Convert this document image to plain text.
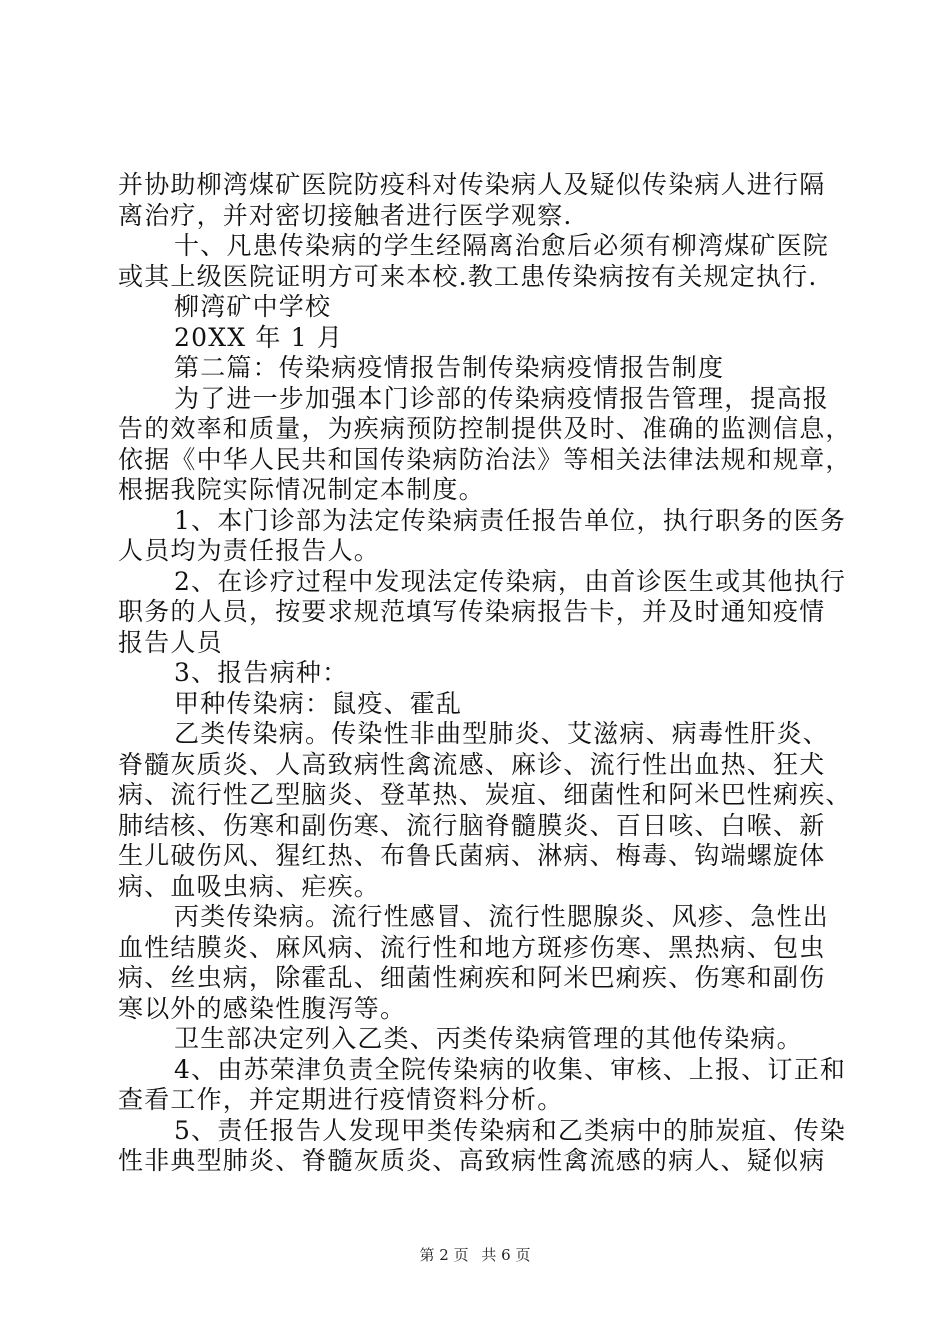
并协助柳湾煤矿医院防疫科对传染病人及疑似传染病人进行隔
离治疗，并对密切接触者进行医学观察.
十、凡患传染病的学生经隔离治愈后必须有柳湾煤矿医院
或其上级医院证明方可来本校.教工患传染病按有关规定执行.
柳湾矿中学校
20XX 年 1 月
第二篇：传染病疫情报告制传染病疫情报告制度
为了进一步加强本门诊部的传染病疫情报告管理，提高报
告的效率和质量，为疾病预防控制提供及时、准确的监测信息，
依据《中华人民共和国传染病防治法》等相关法律法规和规章，
根据我院实际情况制定本制度。
1、本门诊部为法定传染病责任报告单位，执行职务的医务
人员均为责任报告人。
2、在诊疗过程中发现法定传染病，由首诊医生或其他执行
职务的人员，按要求规范填写传染病报告卡，并及时通知疫情
报告人员
3、报告病种：
甲种传染病：鼠疫、霍乱
乙类传染病。传染性非曲型肺炎、艾滋病、病毒性肝炎、
脊髓灰质炎、人高致病性禽流感、麻诊、流行性出血热、狂犬
病、流行性乙型脑炎、登革热、炭疽、细菌性和阿米巴性痢疾、
肺结核、伤寒和副伤寒、流行脑脊髓膜炎、百日咳、白喉、新
生儿破伤风、猩红热、布鲁氏菌病、淋病、梅毒、钩端螺旋体
病、血吸虫病、疟疾。
丙类传染病。流行性感冒、流行性腮腺炎、风疹、急性出
血性结膜炎、麻风病、流行性和地方斑疹伤寒、黑热病、包虫
病、丝虫病，除霍乱、细菌性痢疾和阿米巴痢疾、伤寒和副伤
寒以外的感染性腹泻等。
卫生部决定列入乙类、丙类传染病管理的其他传染病。
4、由苏荣津负责全院传染病的收集、审核、上报、订正和
查看工作，并定期进行疫情资料分析。
5、责任报告人发现甲类传染病和乙类病中的肺炭疽、传染
性非典型肺炎、脊髓灰质炎、高致病性禽流感的病人、疑似病
第 2 页 共 6 页
